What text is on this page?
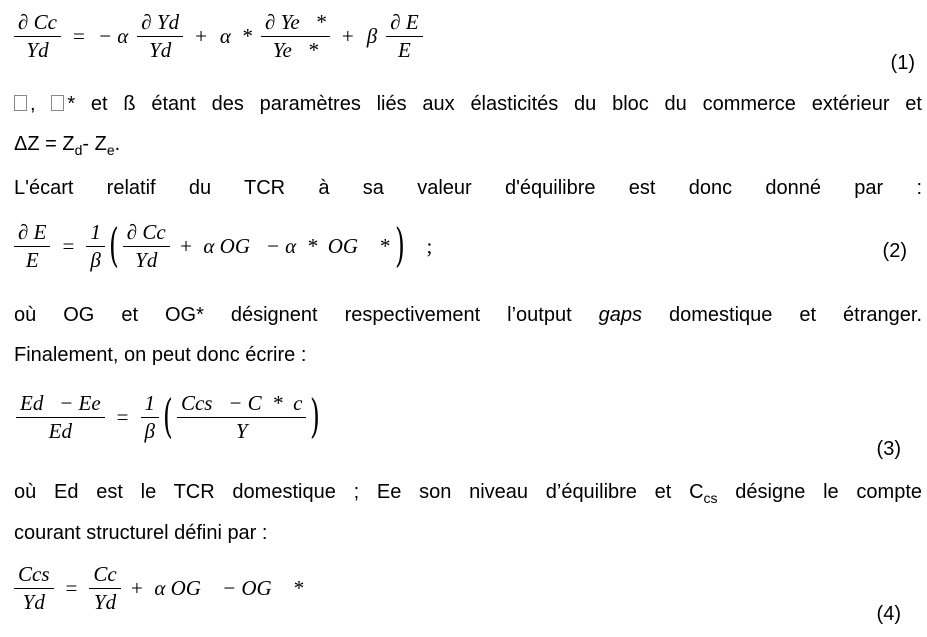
$\frac{\partial Cc}{Yd}$ = − α $\frac{\partial Yd}{Yd} + \alpha * \frac{\partial Ye *}{Ye *} + \beta \frac{\partial E}{E}$
(1)
, * et ß étant des paramètres liés aux élasticités du bloc du commerce extérieur et
$\Delta Z = Z_d-$ $Z_e$.
L'écart relatif du TCR à sa valeur d'équilibre est donc donné par :
$\frac{\partial E}{E} = \frac{1}{\beta}$ ( $\frac{\partial Cc}{Yd} + \alpha$ OG   − α  *  OG    * ) ;	(2)
où OG et OG* désignent respectivement l’output gaps domestique et étranger.
Finalement, on peut donc écrire :
$\frac{Ed - Ee}{Ed} = \frac{1}{\beta}$ ( $\frac{\text{Ccs   − C  *  c}}{Y}$ )
(3)
où Ed est le TCR domestique ; Ee son niveau d’équilibre et $C_{cs}$ désigne le compte
courant structurel défini par :
$\frac{\text{Ccs}}{Yd} = \frac{Cc}{Yd} + \alpha$ OG    − OG    *
(4)
